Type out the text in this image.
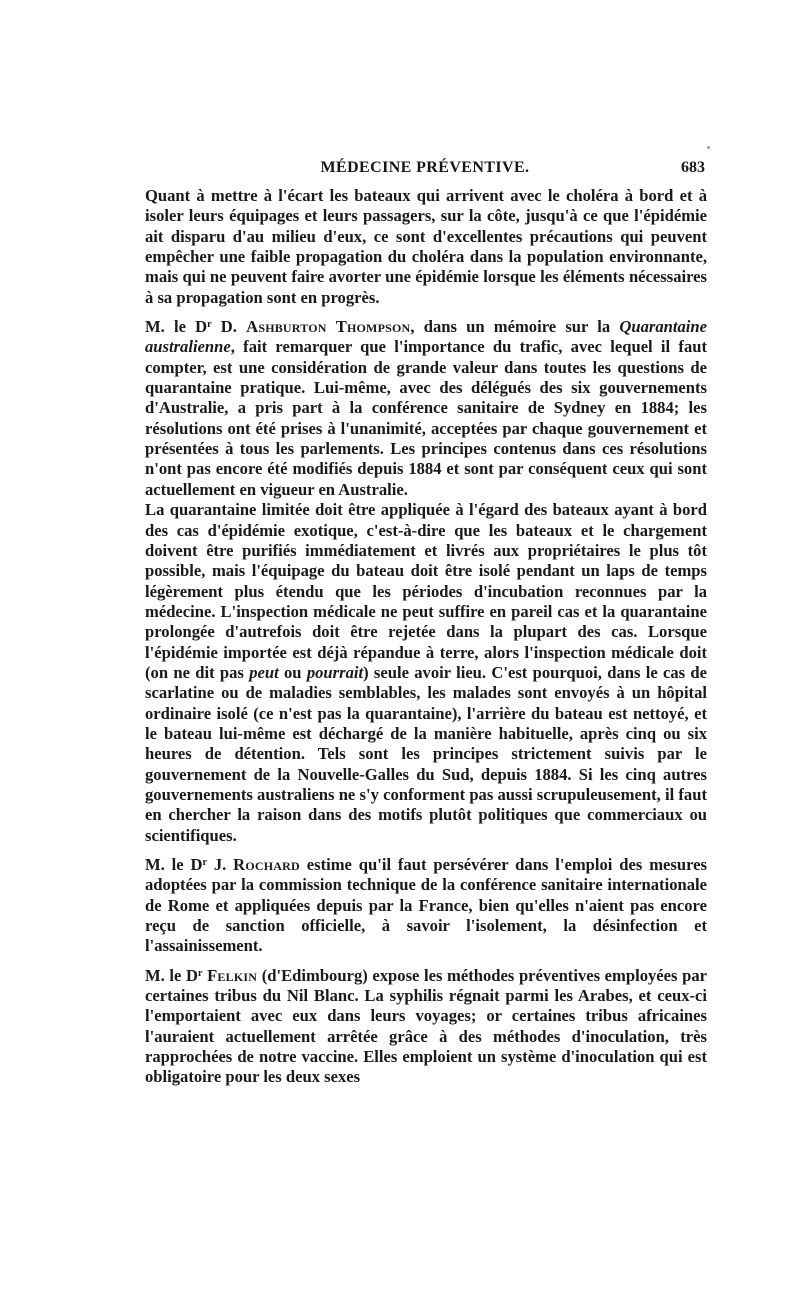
MÉDECINE PRÉVENTIVE.	683

Quant à mettre à l'écart les bateaux qui arrivent avec le choléra à bord et à isoler leurs équipages et leurs passagers, sur la côte, jusqu'à ce que l'épidémie ait disparu d'au milieu d'eux, ce sont d'excellentes précautions qui peuvent empêcher une faible propagation du choléra dans la population environnante, mais qui ne peuvent faire avorter une épidémie lorsque les éléments nécessaires à sa propagation sont en progrès.

M. le $D^r$ D. Ashburton Thompson, dans un mémoire sur la Quarantaine australienne, fait remarquer que l'importance du trafic, avec lequel il faut compter, est une considération de grande valeur dans toutes les questions de quarantaine pratique. Lui-même, avec des délégués des six gouvernements d'Australie, a pris part à la conférence sanitaire de Sydney en 1884; les résolutions ont été prises à l'unanimité, acceptées par chaque gouvernement et présentées à tous les parlements. Les principes contenus dans ces résolutions n'ont pas encore été modifiés depuis 1884 et sont par conséquent ceux qui sont actuellement en vigueur en Australie.

La quarantaine limitée doit être appliquée à l'égard des bateaux ayant à bord des cas d'épidémie exotique, c'est-à-dire que les bateaux et le chargement doivent être purifiés immédiatement et livrés aux propriétaires le plus tôt possible, mais l'équipage du bateau doit être isolé pendant un laps de temps légèrement plus étendu que les périodes d'incubation reconnues par la médecine. L'inspection médicale ne peut suffire en pareil cas et la quarantaine prolongée d'autrefois doit être rejetée dans la plupart des cas. Lorsque l'épidémie importée est déjà répandue à terre, alors l'inspection médicale doit (on ne dit pas peut ou pourrait) seule avoir lieu. C'est pourquoi, dans le cas de scarlatine ou de maladies semblables, les malades sont envoyés à un hôpital ordinaire isolé (ce n'est pas la quarantaine), l'arrière du bateau est nettoyé, et le bateau lui-même est déchargé de la manière habituelle, après cinq ou six heures de détention. Tels sont les principes strictement suivis par le gouvernement de la Nouvelle-Galles du Sud, depuis 1884. Si les cinq autres gouvernements australiens ne s'y conforment pas aussi scrupuleusement, il faut en chercher la raison dans des motifs plutôt politiques que commerciaux ou scientifiques.

M. le $D^r$ J. Rochard estime qu'il faut persévérer dans l'emploi des mesures adoptées par la commission technique de la conférence sanitaire internationale de Rome et appliquées depuis par la France, bien qu'elles n'aient pas encore reçu de sanction officielle, à savoir l'isolement, la désinfection et l'assainissement.

M. le $D^r$ Felkin (d'Edimbourg) expose les méthodes préventives employées par certaines tribus du Nil Blanc. La syphilis régnait parmi les Arabes, et ceux-ci l'emportaient avec eux dans leurs voyages; or certaines tribus africaines l'auraient actuellement arrêtée grâce à des méthodes d'inoculation, très rapprochées de notre vaccine. Elles emploient un système d'inoculation qui est obligatoire pour les deux sexes
